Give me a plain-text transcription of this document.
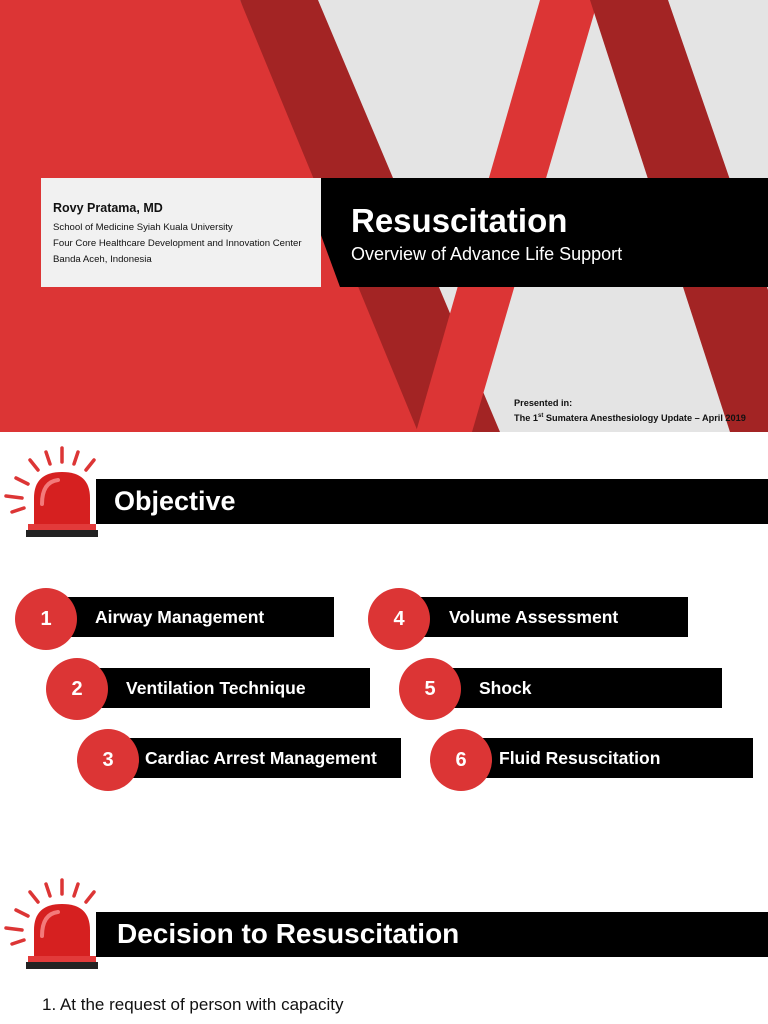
Rovy Pratama, MD
School of Medicine Syiah Kuala University
Four Core Healthcare Development and Innovation Center
Banda Aceh, Indonesia
Resuscitation
Overview of Advance Life Support
Presented in:
The 1st Sumatera Anesthesiology Update – April 2019
Objective
Airway Management
1
Ventilation Technique
2
Cardiac Arrest Management
3
Volume Assessment
4
Shock
5
Fluid Resuscitation
6
Decision to Resuscitation
1. At the request of person with capacity
